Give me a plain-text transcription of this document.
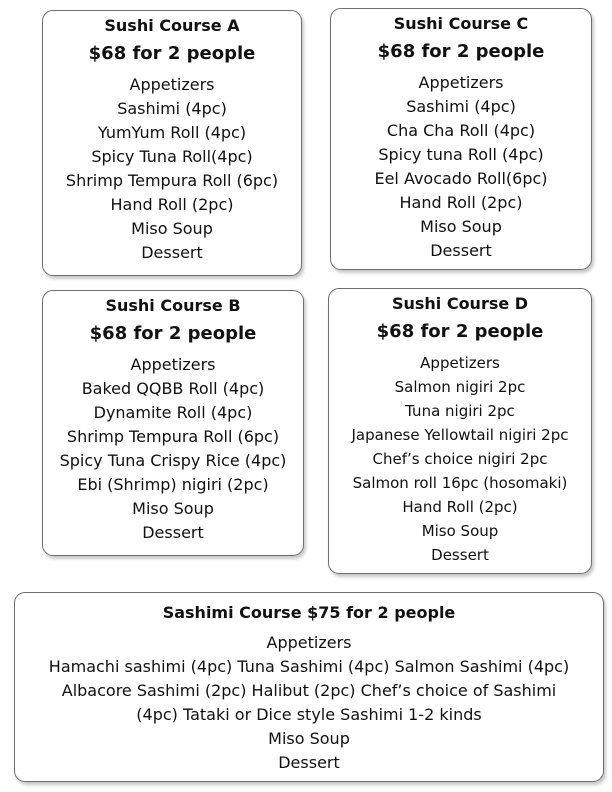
Sushi Course A
$68 for 2 people
Appetizers
Sashimi (4pc)
YumYum Roll (4pc)
Spicy Tuna Roll(4pc)
Shrimp Tempura Roll (6pc)
Hand Roll (2pc)
Miso Soup
Dessert
Sushi Course C
$68 for 2 people
Appetizers
Sashimi (4pc)
Cha Cha Roll (4pc)
Spicy tuna Roll (4pc)
Eel Avocado Roll(6pc)
Hand Roll (2pc)
Miso Soup
Dessert
Sushi Course B
$68 for 2 people
Appetizers
Baked QQBB Roll (4pc)
Dynamite Roll (4pc)
Shrimp Tempura Roll (6pc)
Spicy Tuna Crispy Rice (4pc)
Ebi (Shrimp) nigiri (2pc)
Miso Soup
Dessert
Sushi Course D
$68 for 2 people
Appetizers
Salmon nigiri 2pc
Tuna nigiri 2pc
Japanese Yellowtail nigiri 2pc
Chef’s choice nigiri 2pc
Salmon roll 16pc (hosomaki)
Hand Roll (2pc)
Miso Soup
Dessert
Sashimi Course $75 for 2 people
Appetizers
Hamachi sashimi (4pc) Tuna Sashimi (4pc) Salmon Sashimi (4pc)
Albacore Sashimi (2pc) Halibut (2pc) Chef’s choice of Sashimi
(4pc) Tataki or Dice style Sashimi 1-2 kinds
Miso Soup
Dessert
